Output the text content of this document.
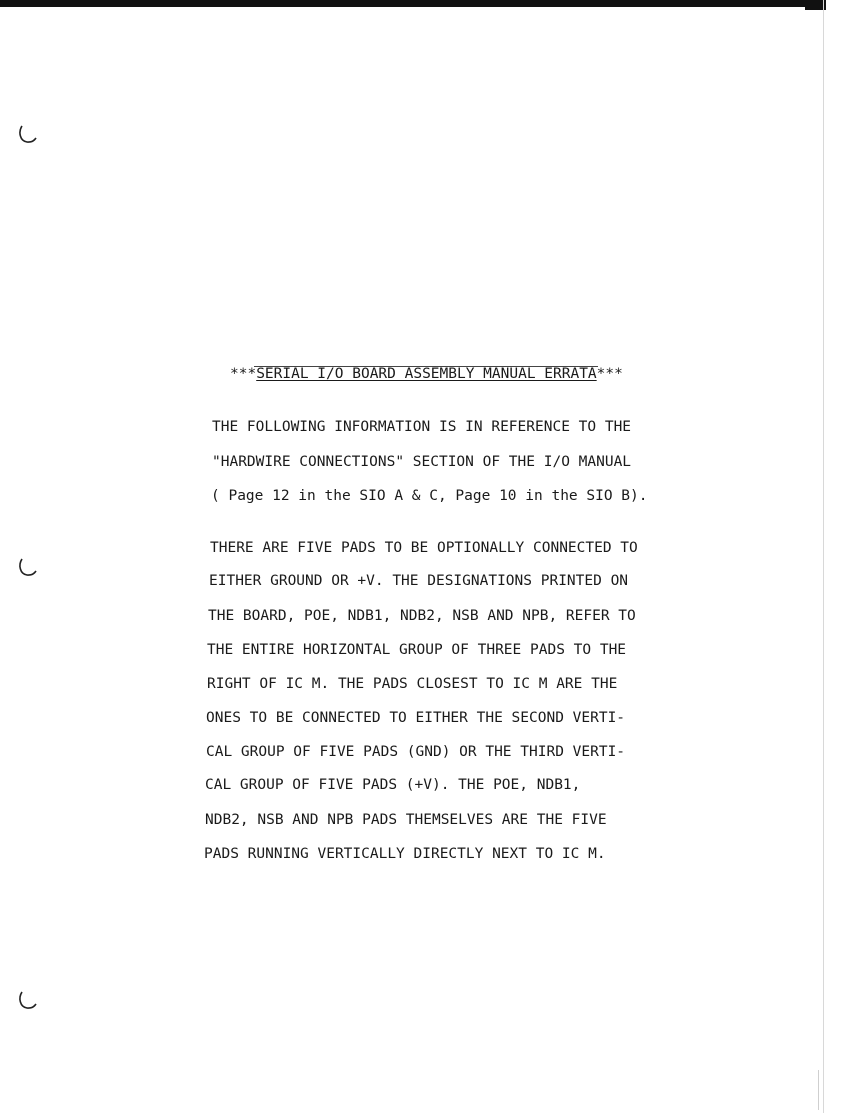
***SERIAL I/O BOARD ASSEMBLY MANUAL ERRATA***
THE FOLLOWING INFORMATION IS IN REFERENCE TO THE
"HARDWIRE CONNECTIONS" SECTION OF THE I/O MANUAL
( Page 12 in the SIO A & C, Page 10 in the SIO B).
THERE ARE FIVE PADS TO BE OPTIONALLY CONNECTED TO
EITHER GROUND OR +V. THE DESIGNATIONS PRINTED ON
THE BOARD, POE, NDB1, NDB2, NSB AND NPB, REFER TO
THE ENTIRE HORIZONTAL GROUP OF THREE PADS TO THE
RIGHT OF IC M. THE PADS CLOSEST TO IC M ARE THE
ONES TO BE CONNECTED TO EITHER THE SECOND VERTI-
CAL GROUP OF FIVE PADS (GND) OR THE THIRD VERTI-
CAL GROUP OF FIVE PADS (+V). THE POE, NDB1,
NDB2, NSB AND NPB PADS THEMSELVES ARE THE FIVE
PADS RUNNING VERTICALLY DIRECTLY NEXT TO IC M.
